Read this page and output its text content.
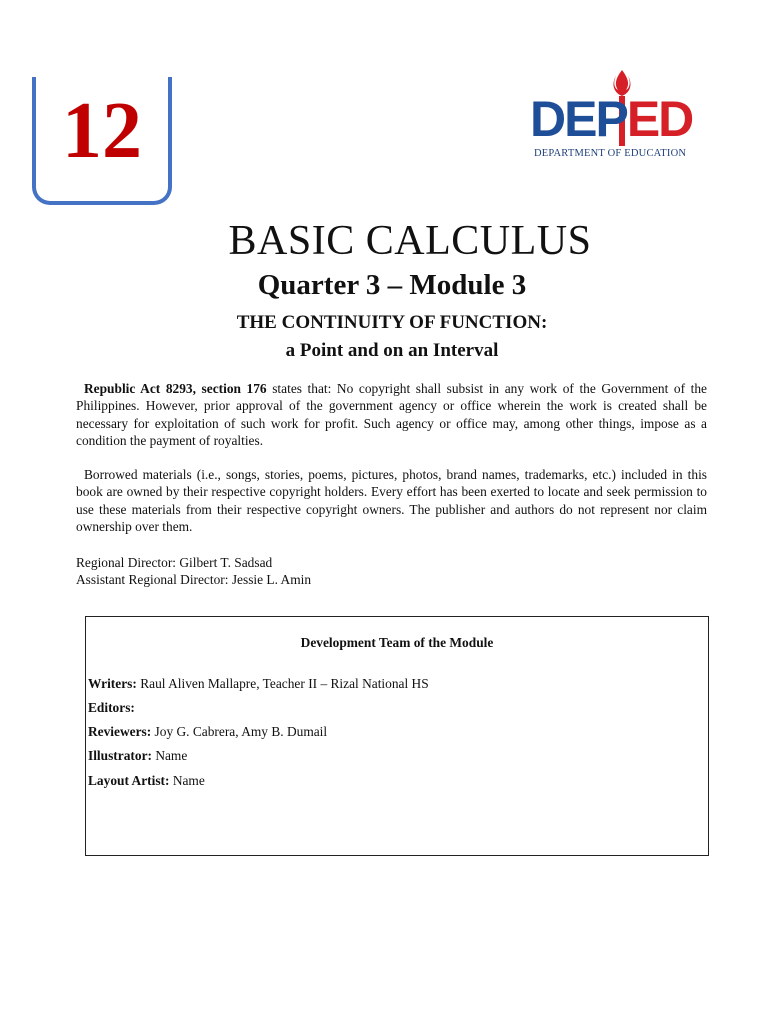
12	DEPED
DEPARTMENT OF EDUCATION
BASIC CALCULUS
Quarter 3 – Module 3
THE CONTINUITY OF FUNCTION:
a Point and on an Interval
Republic Act 8293, section 176 states that: No copyright shall subsist in any work of the Government of the Philippines. However, prior approval of the government agency or office wherein the work is created shall be necessary for exploitation of such work for profit. Such agency or office may, among other things, impose as a condition the payment of royalties.
Borrowed materials (i.e., songs, stories, poems, pictures, photos, brand names, trademarks, etc.) included in this book are owned by their respective copyright holders. Every effort has been exerted to locate and seek permission to use these materials from their respective copyright owners. The publisher and authors do not represent nor claim ownership over them.
Regional Director: Gilbert T. Sadsad
Assistant Regional Director: Jessie L. Amin
Development Team of the Module
Writers: Raul Aliven Mallapre, Teacher II – Rizal National HS
Editors:
Reviewers: Joy G. Cabrera, Amy B. Dumail
Illustrator: Name
Layout Artist: Name
